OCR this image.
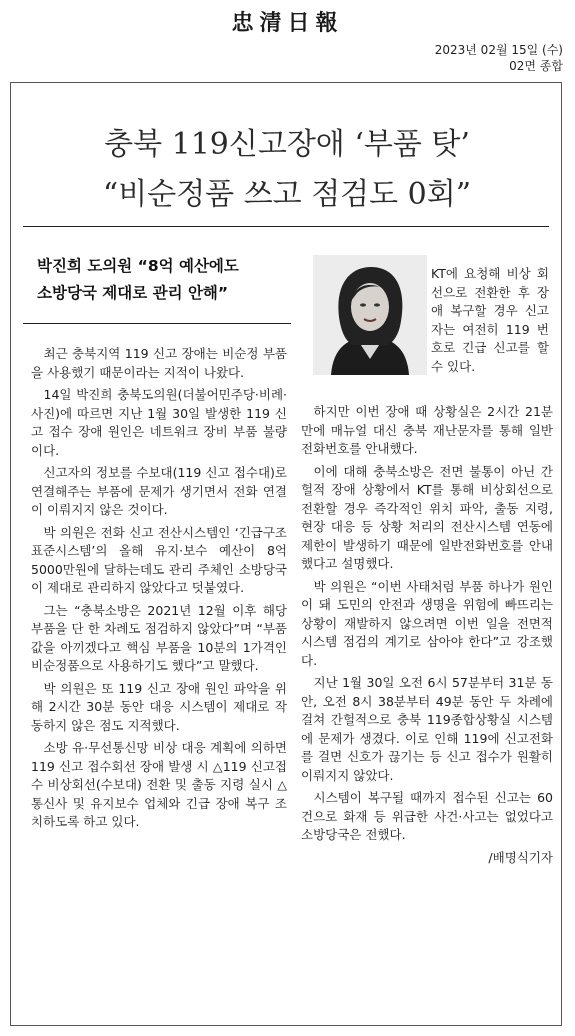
忠清日報
2023년 02월 15일 (수)
02면 종합
충북 119신고장애 ‘부품 탓’
“비순정품 쓰고 점검도 0회”
박진희 도의원 “8억 예산에도
소방당국 제대로 관리 안해”

최근 충북지역 119 신고 장애는 비순정 부품을 사용했기 때문이라는 지적이 나왔다.

14일 박진희 충북도의원(더불어민주당·비례·사진)에 따르면 지난 1월 30일 발생한 119 신고 접수 장애 원인은 네트워크 장비 부품 불량이다.

신고자의 정보를 수보대(119 신고 접수대)로 연결해주는 부품에 문제가 생기면서 전화 연결이 이뤄지지 않은 것이다.

박 의원은 전화 신고 전산시스템인 ‘긴급구조 표준시스템’의 올해 유지·보수 예산이 8억5000만원에 달하는데도 관리 주체인 소방당국이 제대로 관리하지 않았다고 덧붙였다.

그는 “충북소방은 2021년 12월 이후 해당 부품을 단 한 차례도 점검하지 않았다”며 “부품값을 아끼겠다고 핵심 부품을 10분의 1가격인 비순정품으로 사용하기도 했다”고 말했다.

박 의원은 또 119 신고 장애 원인 파악을 위해 2시간 30분 동안 대응 시스템이 제대로 작동하지 않은 점도 지적했다.

소방 유·무선통신망 비상 대응 계획에 의하면 119 신고 접수회선 장애 발생 시 △119 신고접수 비상회선(수보대) 전환 및 출동 지령 실시 △통신사 및 유지보수 업체와 긴급 장애 복구 조치하도록 하고 있다.

KT에 요청해 비상 회선으로 전환한 후 장애 복구할 경우 신고자는 여전히 119 번호로 긴급 신고를 할 수 있다.

하지만 이번 장애 때 상황실은 2시간 21분 만에 매뉴얼 대신 충북 재난문자를 통해 일반 전화번호를 안내했다.

이에 대해 충북소방은 전면 불통이 아닌 간헐적 장애 상황에서 KT를 통해 비상회선으로 전환할 경우 즉각적인 위치 파악, 출동 지령, 현장 대응 등 상황 처리의 전산시스템 연동에 제한이 발생하기 때문에 일반전화번호를 안내했다고 설명했다.

박 의원은 “이번 사태처럼 부품 하나가 원인이 돼 도민의 안전과 생명을 위험에 빠뜨리는 상황이 재발하지 않으려면 이번 일을 전면적 시스템 점검의 계기로 삼아야 한다”고 강조했다.

지난 1월 30일 오전 6시 57분부터 31분 동안, 오전 8시 38분부터 49분 동안 두 차례에 걸쳐 간헐적으로 충북 119종합상황실 시스템에 문제가 생겼다. 이로 인해 119에 신고전화를 걸면 신호가 끊기는 등 신고 접수가 원활히 이뤄지지 않았다.

시스템이 복구될 때까지 접수된 신고는 60건으로 화재 등 위급한 사건·사고는 없었다고 소방당국은 전했다.

/배명식기자
